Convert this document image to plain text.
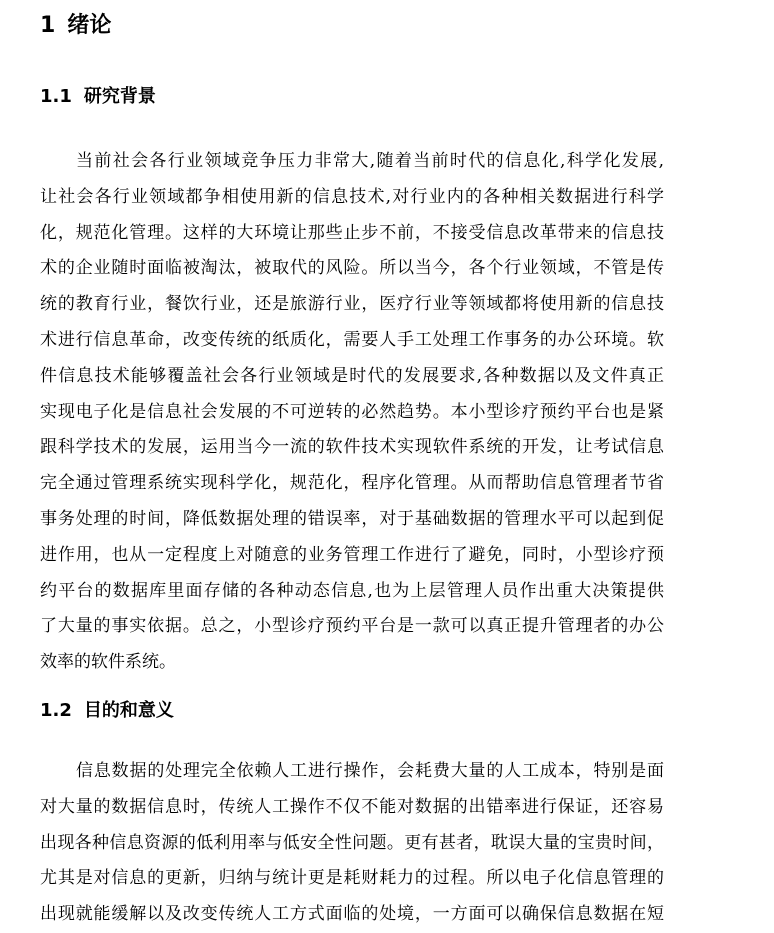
1 绪论
1.1 研究背景
当前社会各行业领域竞争压力非常大,随着当前时代的信息化,科学化发展,
让社会各行业领域都争相使用新的信息技术,对行业内的各种相关数据进行科学
化，规范化管理。这样的大环境让那些止步不前，不接受信息改革带来的信息技
术的企业随时面临被淘汰，被取代的风险。所以当今，各个行业领域，不管是传
统的教育行业，餐饮行业，还是旅游行业，医疗行业等领域都将使用新的信息技
术进行信息革命，改变传统的纸质化，需要人手工处理工作事务的办公环境。软
件信息技术能够覆盖社会各行业领域是时代的发展要求,各种数据以及文件真正
实现电子化是信息社会发展的不可逆转的必然趋势。本小型诊疗预约平台也是紧
跟科学技术的发展，运用当今一流的软件技术实现软件系统的开发，让考试信息
完全通过管理系统实现科学化，规范化，程序化管理。从而帮助信息管理者节省
事务处理的时间，降低数据处理的错误率，对于基础数据的管理水平可以起到促
进作用，也从一定程度上对随意的业务管理工作进行了避免，同时，小型诊疗预
约平台的数据库里面存储的各种动态信息,也为上层管理人员作出重大决策提供
了大量的事实依据。总之，小型诊疗预约平台是一款可以真正提升管理者的办公
效率的软件系统。
1.2 目的和意义
信息数据的处理完全依赖人工进行操作，会耗费大量的人工成本，特别是面
对大量的数据信息时，传统人工操作不仅不能对数据的出错率进行保证，还容易
出现各种信息资源的低利用率与低安全性问题。更有甚者，耽误大量的宝贵时间，
尤其是对信息的更新，归纳与统计更是耗财耗力的过程。所以电子化信息管理的
出现就能缓解以及改变传统人工方式面临的处境，一方面可以确保信息数据在短
